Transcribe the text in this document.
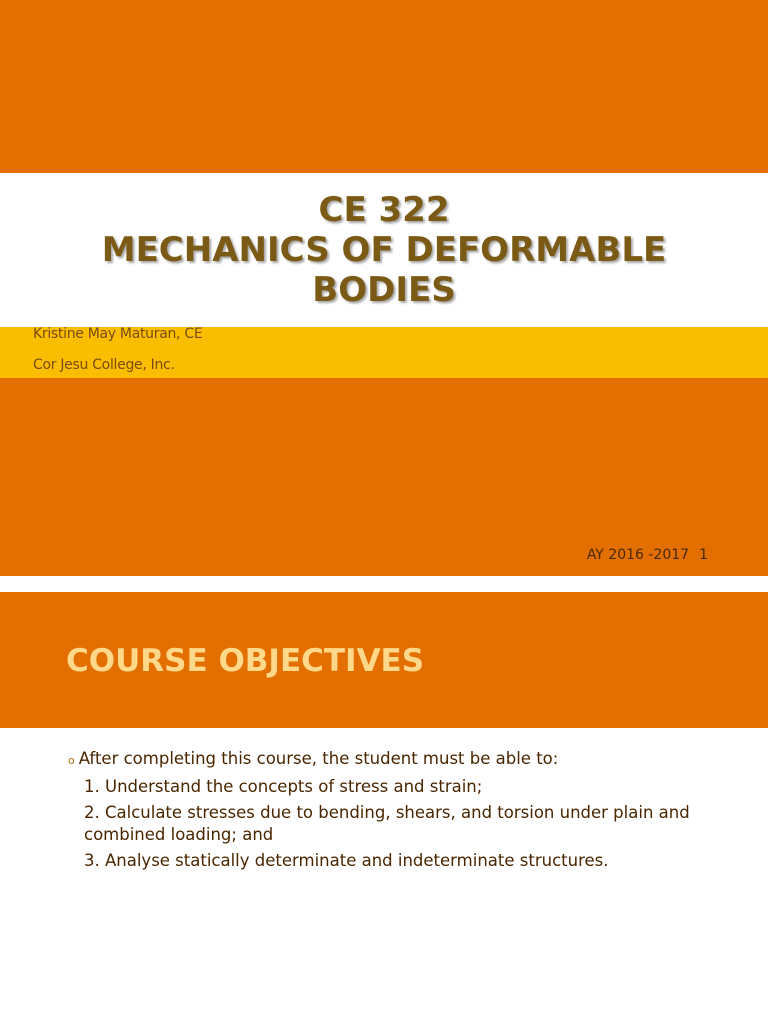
CE 322
MECHANICS OF DEFORMABLE
BODIES
Kristine May Maturan, CE
Cor Jesu College, Inc.
AY 2016 -2017 1
COURSE OBJECTIVES
o After completing this course, the student must be able to:
1. Understand the concepts of stress and strain;
2. Calculate stresses due to bending, shears, and torsion under plain and combined loading; and
3. Analyse statically determinate and indeterminate structures.
